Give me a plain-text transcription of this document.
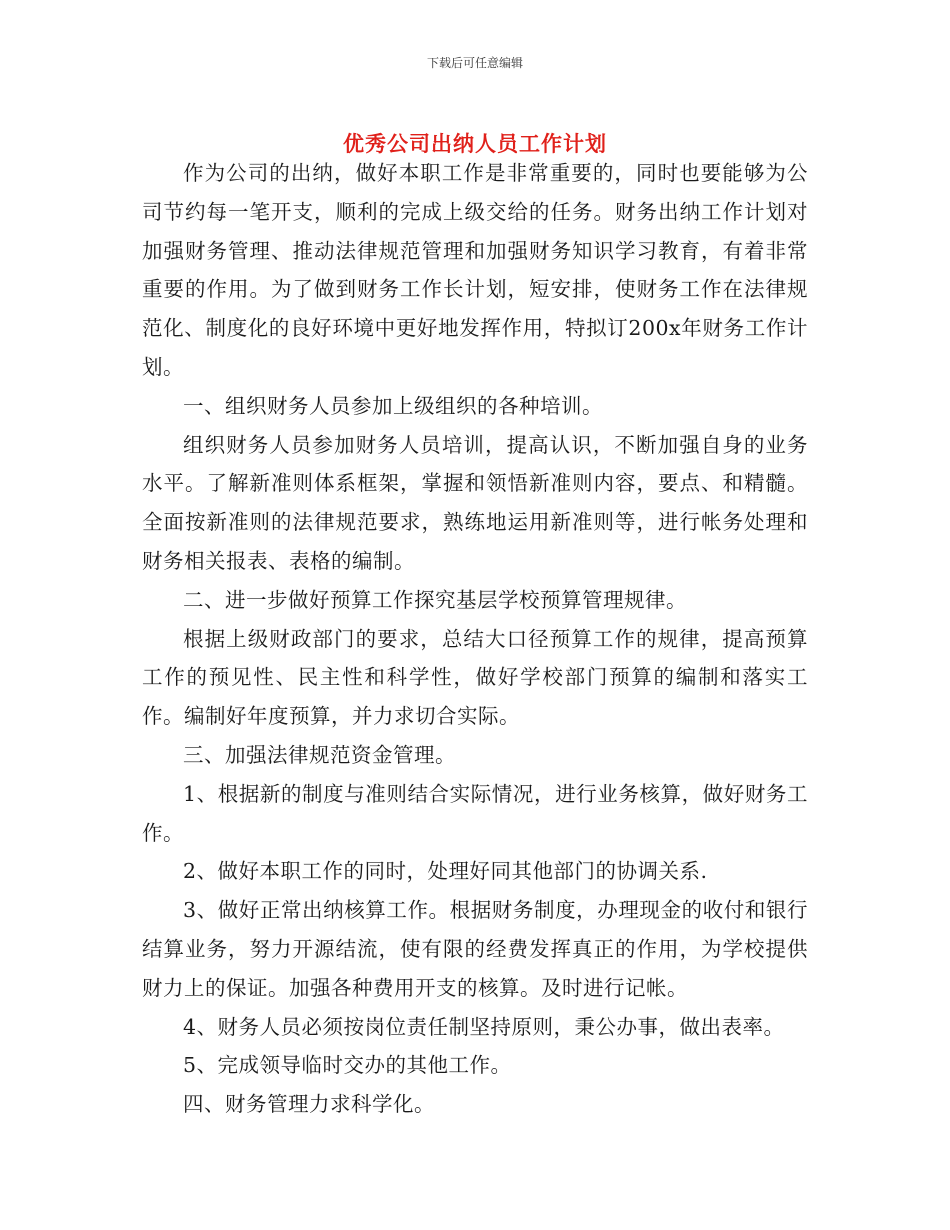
下载后可任意编辑
优秀公司出纳人员工作计划

作为公司的出纳，做好本职工作是非常重要的，同时也要能够为公司节约每一笔开支，顺利的完成上级交给的任务。财务出纳工作计划对加强财务管理、推动法律规范管理和加强财务知识学习教育，有着非常重要的作用。为了做到财务工作长计划，短安排，使财务工作在法律规范化、制度化的良好环境中更好地发挥作用，特拟订200x年财务工作计划。

一、组织财务人员参加上级组织的各种培训。

组织财务人员参加财务人员培训，提高认识，不断加强自身的业务水平。了解新准则体系框架，掌握和领悟新准则内容，要点、和精髓。全面按新准则的法律规范要求，熟练地运用新准则等，进行帐务处理和财务相关报表、表格的编制。

二、进一步做好预算工作探究基层学校预算管理规律。

根据上级财政部门的要求，总结大口径预算工作的规律，提高预算工作的预见性、民主性和科学性，做好学校部门预算的编制和落实工作。编制好年度预算，并力求切合实际。

三、加强法律规范资金管理。

1、根据新的制度与准则结合实际情况，进行业务核算，做好财务工作。

2、做好本职工作的同时，处理好同其他部门的协调关系.

3、做好正常出纳核算工作。根据财务制度，办理现金的收付和银行结算业务，努力开源结流，使有限的经费发挥真正的作用，为学校提供财力上的保证。加强各种费用开支的核算。及时进行记帐。

4、财务人员必须按岗位责任制坚持原则，秉公办事，做出表率。

5、完成领导临时交办的其他工作。

四、财务管理力求科学化。
